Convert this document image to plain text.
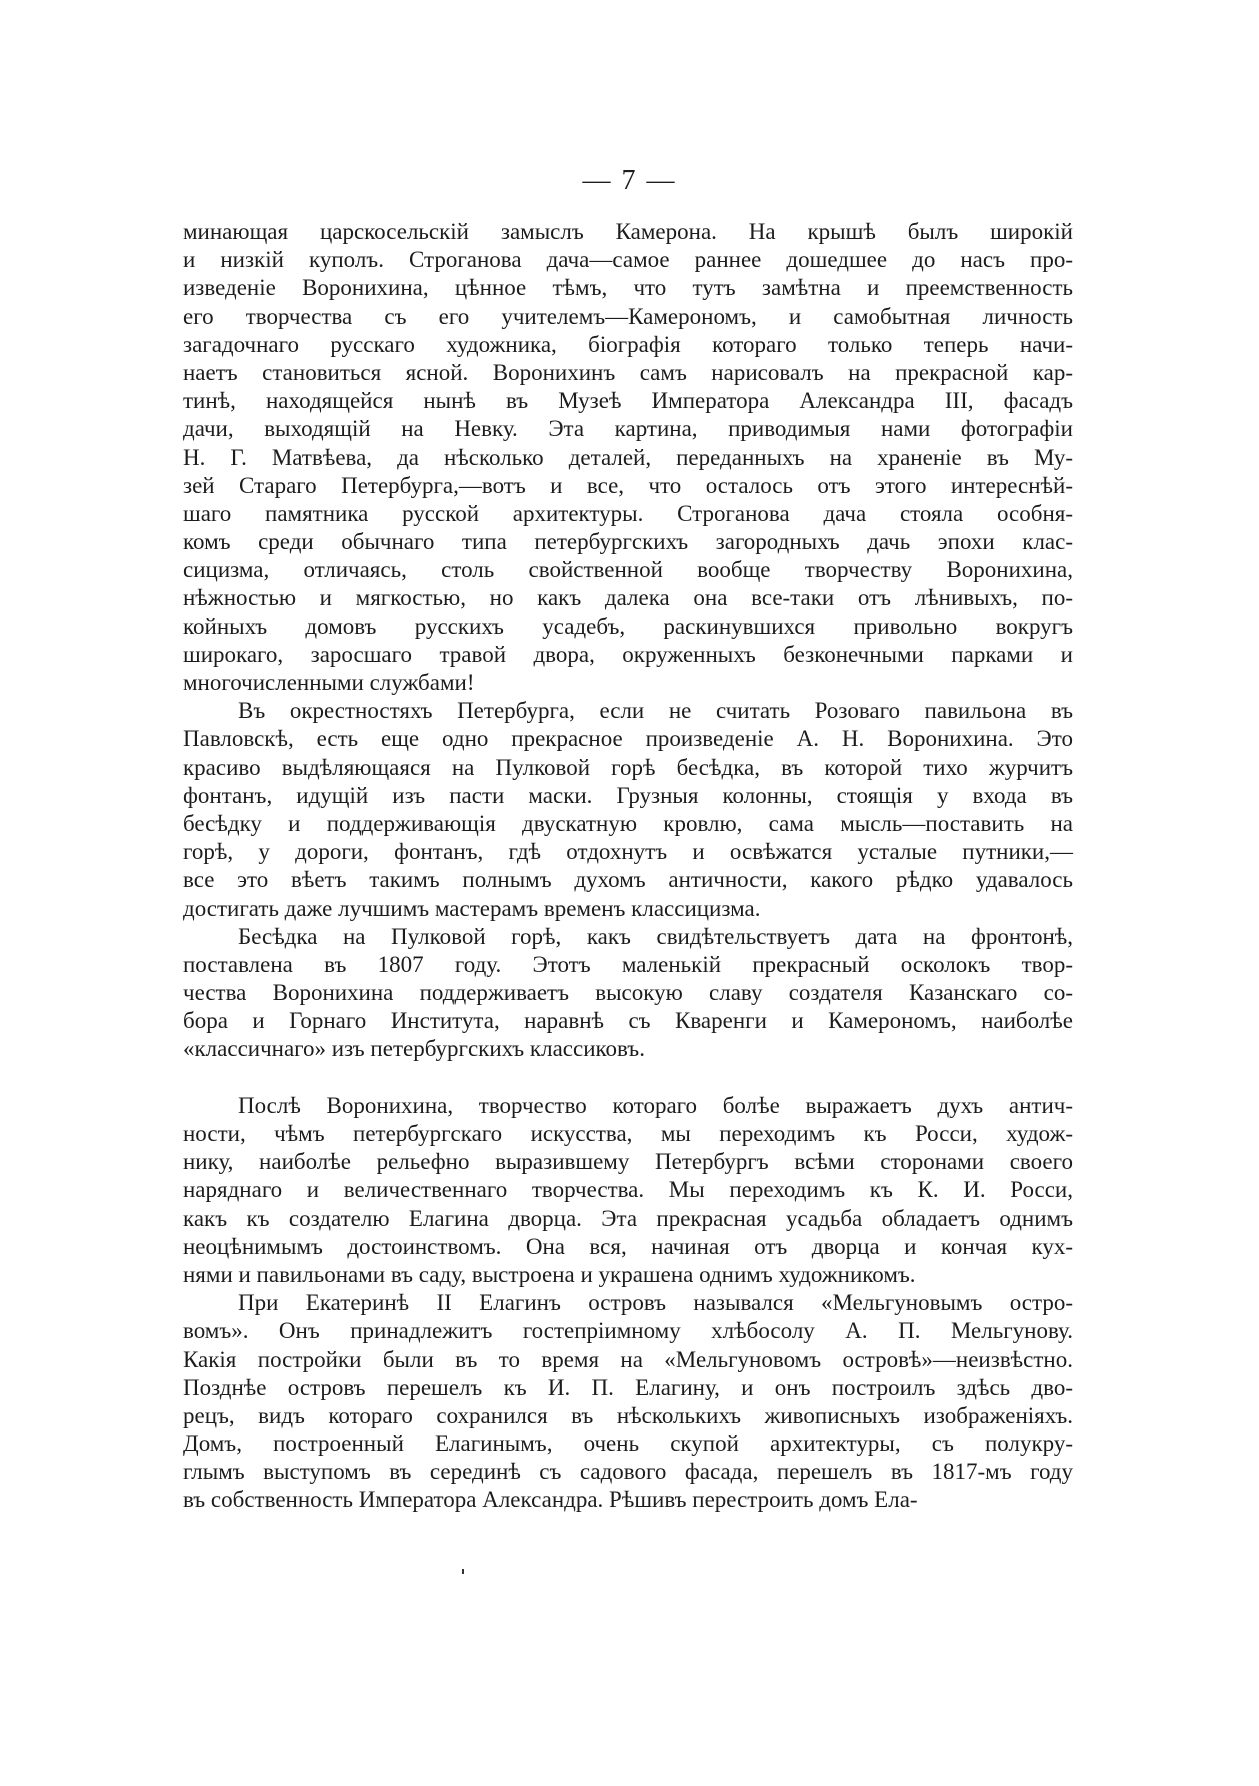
— 7 —
минающая царскосельскій замыслъ Камерона. На крышѣ былъ широкій
и низкій куполъ. Строганова дача—самое раннее дошедшее до насъ про-
изведеніе Воронихина, цѣнное тѣмъ, что тутъ замѣтна и преемственность
его творчества съ его учителемъ—Камерономъ, и самобытная личность
загадочнаго русскаго художника, біографія котораго только теперь начи-
наетъ становиться ясной. Воронихинъ самъ нарисовалъ на прекрасной кар-
тинѣ, находящейся нынѣ въ Музеѣ Императора Александра III, фасадъ
дачи, выходящій на Невку. Эта картина, приводимыя нами фотографіи
Н. Г. Матвѣева, да нѣсколько деталей, переданныхъ на храненіе въ Му-
зей Стараго Петербурга,—вотъ и все, что осталось отъ этого интереснѣй-
шаго памятника русской архитектуры. Строганова дача стояла особня-
комъ среди обычнаго типа петербургскихъ загородныхъ дачь эпохи клас-
сицизма, отличаясь, столь свойственной вообще творчеству Воронихина,
нѣжностью и мягкостью, но какъ далека она все-таки отъ лѣнивыхъ, по-
койныхъ домовъ русскихъ усадебъ, раскинувшихся привольно вокругъ
широкаго, заросшаго травой двора, окруженныхъ безконечными парками и
многочисленными службами!
Въ окрестностяхъ Петербурга, если не считать Розоваго павильона въ
Павловскѣ, есть еще одно прекрасное произведеніе А. Н. Воронихина. Это
красиво выдѣляющаяся на Пулковой горѣ бесѣдка, въ которой тихо журчитъ
фонтанъ, идущій изъ пасти маски. Грузныя колонны, стоящія у входа въ
бесѣдку и поддерживающія двускатную кровлю, сама мысль—поставить на
горѣ, у дороги, фонтанъ, гдѣ отдохнутъ и освѣжатся усталые путники,—
все это вѣетъ такимъ полнымъ духомъ античности, какого рѣдко удавалось
достигать даже лучшимъ мастерамъ временъ классицизма.
Бесѣдка на Пулковой горѣ, какъ свидѣтельствуетъ дата на фронтонѣ,
поставлена въ 1807 году. Этотъ маленькій прекрасный осколокъ твор-
чества Воронихина поддерживаетъ высокую славу создателя Казанскаго со-
бора и Горнаго Института, наравнѣ съ Кваренги и Камерономъ, наиболѣе
«классичнаго» изъ петербургскихъ классиковъ.
Послѣ Воронихина, творчество котораго болѣе выражаетъ духъ антич-
ности, чѣмъ петербургскаго искусства, мы переходимъ къ Росси, худож-
нику, наиболѣе рельефно выразившему Петербургъ всѣми сторонами своего
наряднаго и величественнаго творчества. Мы переходимъ къ К. И. Росси,
какъ къ создателю Елагина дворца. Эта прекрасная усадьба обладаетъ однимъ
неоцѣнимымъ достоинствомъ. Она вся, начиная отъ дворца и кончая кух-
нями и павильонами въ саду, выстроена и украшена однимъ художникомъ.
При Екатеринѣ II Елагинъ островъ назывался «Мельгуновымъ остро-
вомъ». Онъ принадлежитъ гостепріимному хлѣбосолу А. П. Мельгунову.
Какія постройки были въ то время на «Мельгуновомъ островѣ»—неизвѣстно.
Позднѣе островъ перешелъ къ И. П. Елагину, и онъ построилъ здѣсь дво-
рецъ, видъ котораго сохранился въ нѣсколькихъ живописныхъ изображеніяхъ.
Домъ, построенный Елагинымъ, очень скупой архитектуры, съ полукру-
глымъ выступомъ въ серединѣ съ садового фасада, перешелъ въ 1817-мъ году
въ собственность Императора Александра. Рѣшивъ перестроить домъ Ела-
